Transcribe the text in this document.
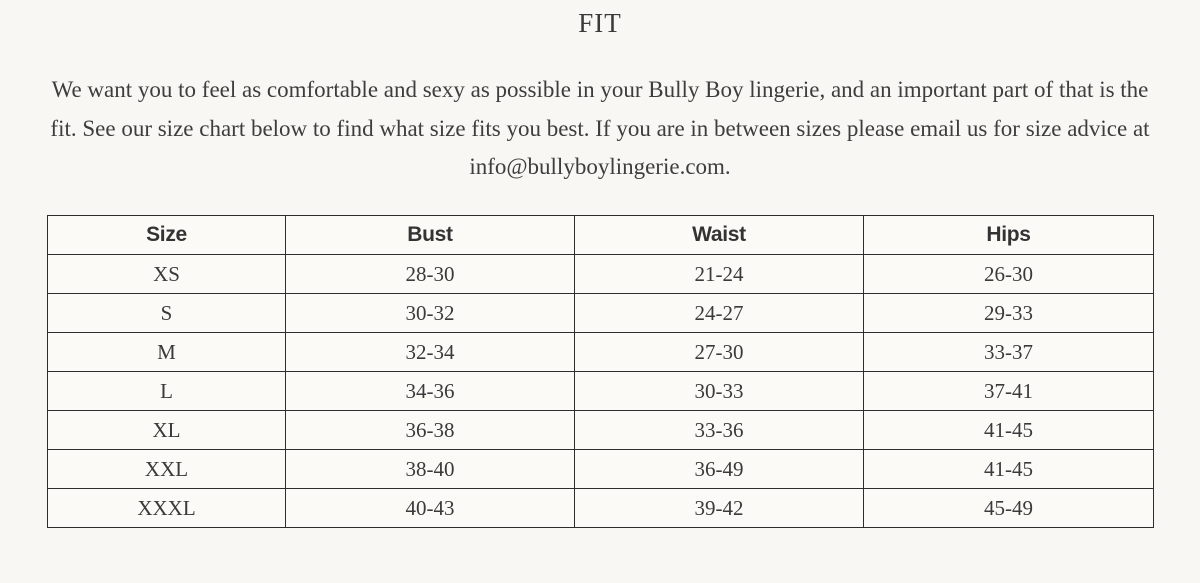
FIT
We want you to feel as comfortable and sexy as possible in your Bully Boy lingerie, and an important part of that is the fit. See our size chart below to find what size fits you best. If you are in between sizes please email us for size advice at info@bullyboylingerie.com.
Size	Bust	Waist	Hips
XS	28-30	21-24	26-30
S	30-32	24-27	29-33
M	32-34	27-30	33-37
L	34-36	30-33	37-41
XL	36-38	33-36	41-45
XXL	38-40	36-49	41-45
XXXL	40-43	39-42	45-49
